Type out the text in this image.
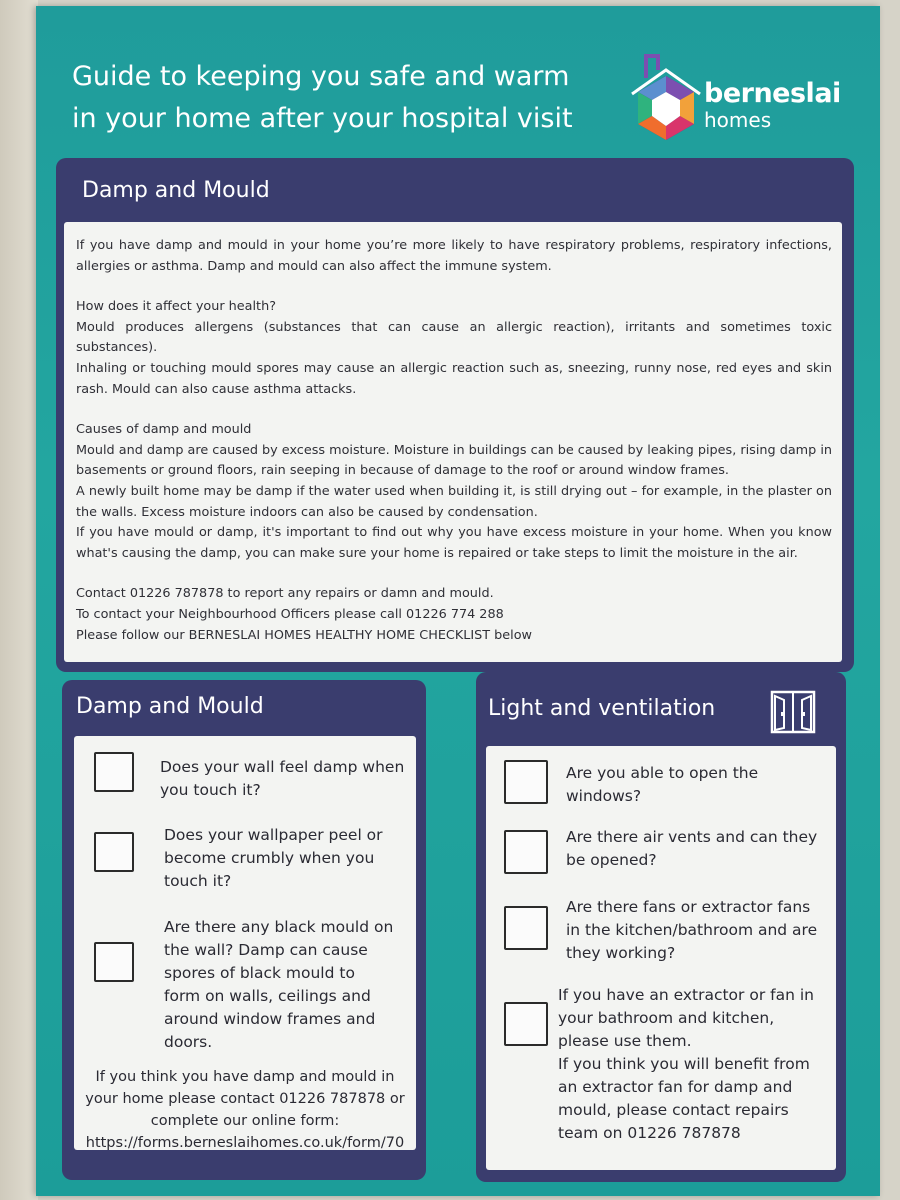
Guide to keeping you safe and warm
in your home after your hospital visit
berneslai
homes
Damp and Mould

If you have damp and mould in your home you’re more likely to have respiratory problems, respiratory infections, allergies or asthma. Damp and mould can also affect the immune system.

How does it affect your health?

Mould produces allergens (substances that can cause an allergic reaction), irritants and sometimes toxic substances).

Inhaling or touching mould spores may cause an allergic reaction such as, sneezing, runny nose, red eyes and skin rash. Mould can also cause asthma attacks.

Causes of damp and mould

Mould and damp are caused by excess moisture. Moisture in buildings can be caused by leaking pipes, rising damp in basements or ground floors, rain seeping in because of damage to the roof or around window frames.

A newly built home may be damp if the water used when building it, is still drying out – for example, in the plaster on the walls. Excess moisture indoors can also be caused by condensation.

If you have mould or damp, it's important to find out why you have excess moisture in your home. When you know what's causing the damp, you can make sure your home is repaired or take steps to limit the moisture in the air.

Contact 01226 787878 to report any repairs or damn and mould.

To contact your Neighbourhood Officers please call 01226 774 288

Please follow our BERNESLAI HOMES HEALTHY HOME CHECKLIST below

Damp and Mould
Does your wall feel damp when
you touch it?
Does your wallpaper peel or
become crumbly when you
touch it?
Are there any black mould on
the wall? Damp can cause
spores of black mould to
form on walls, ceilings and
around window frames and
doors.
If you think you have damp and mould in
your home please contact 01226 787878 or
complete our online form:
https://forms.berneslaihomes.co.uk/form/70
Light and ventilation
Are you able to open the
windows?
Are there air vents and can they
be opened?
Are there fans or extractor fans
in the kitchen/bathroom and are
they working?
If you have an extractor or fan in
your bathroom and kitchen,
please use them.
If you think you will benefit from
an extractor fan for damp and
mould, please contact repairs
team on 01226 787878
